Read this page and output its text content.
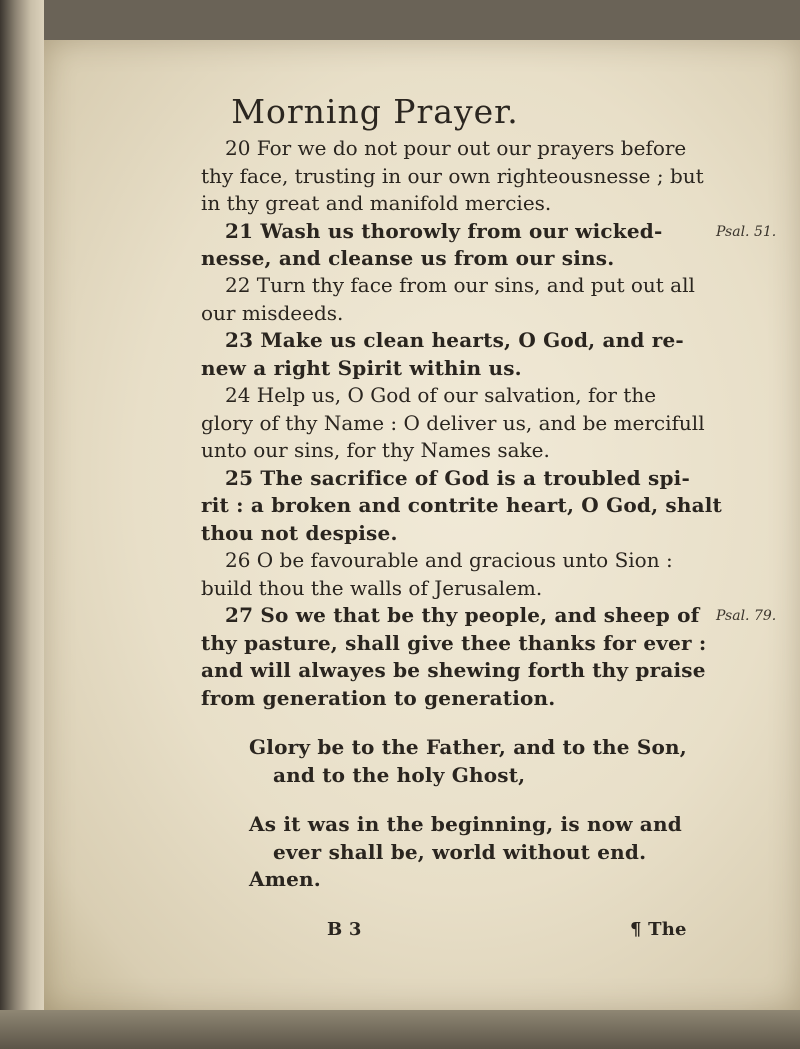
Morning Prayer.
20 For we do not pour out our prayers before
thy face, trusting in our own righteousnesse ; but
in thy great and manifold mercies.
21 Wash us thorowly from our wicked-
nesse, and cleanse us from our sins.
22 Turn thy face from our sins, and put out all
our misdeeds.
23 Make us clean hearts, O God, and re-
new a right Spirit within us.
24 Help us, O God of our salvation, for the
glory of thy Name : O deliver us, and be mercifull
unto our sins, for thy Names sake.
25 The sacrifice of God is a troubled spi-
rit : a broken and contrite heart, O God, shalt
thou not despise.
26 O be favourable and gracious unto Sion :
build thou the walls of Jerusalem.
27 So we that be thy people, and sheep of
thy pasture, shall give thee thanks for ever :
and will alwayes be shewing forth thy praise
from generation to generation.
Glory be to the Father, and to the Son,
and to the holy Ghost,
As it was in the beginning, is now and
ever shall be, world without end.
Amen.
Psal. 51.
Psal. 79.
B 3	¶ The
